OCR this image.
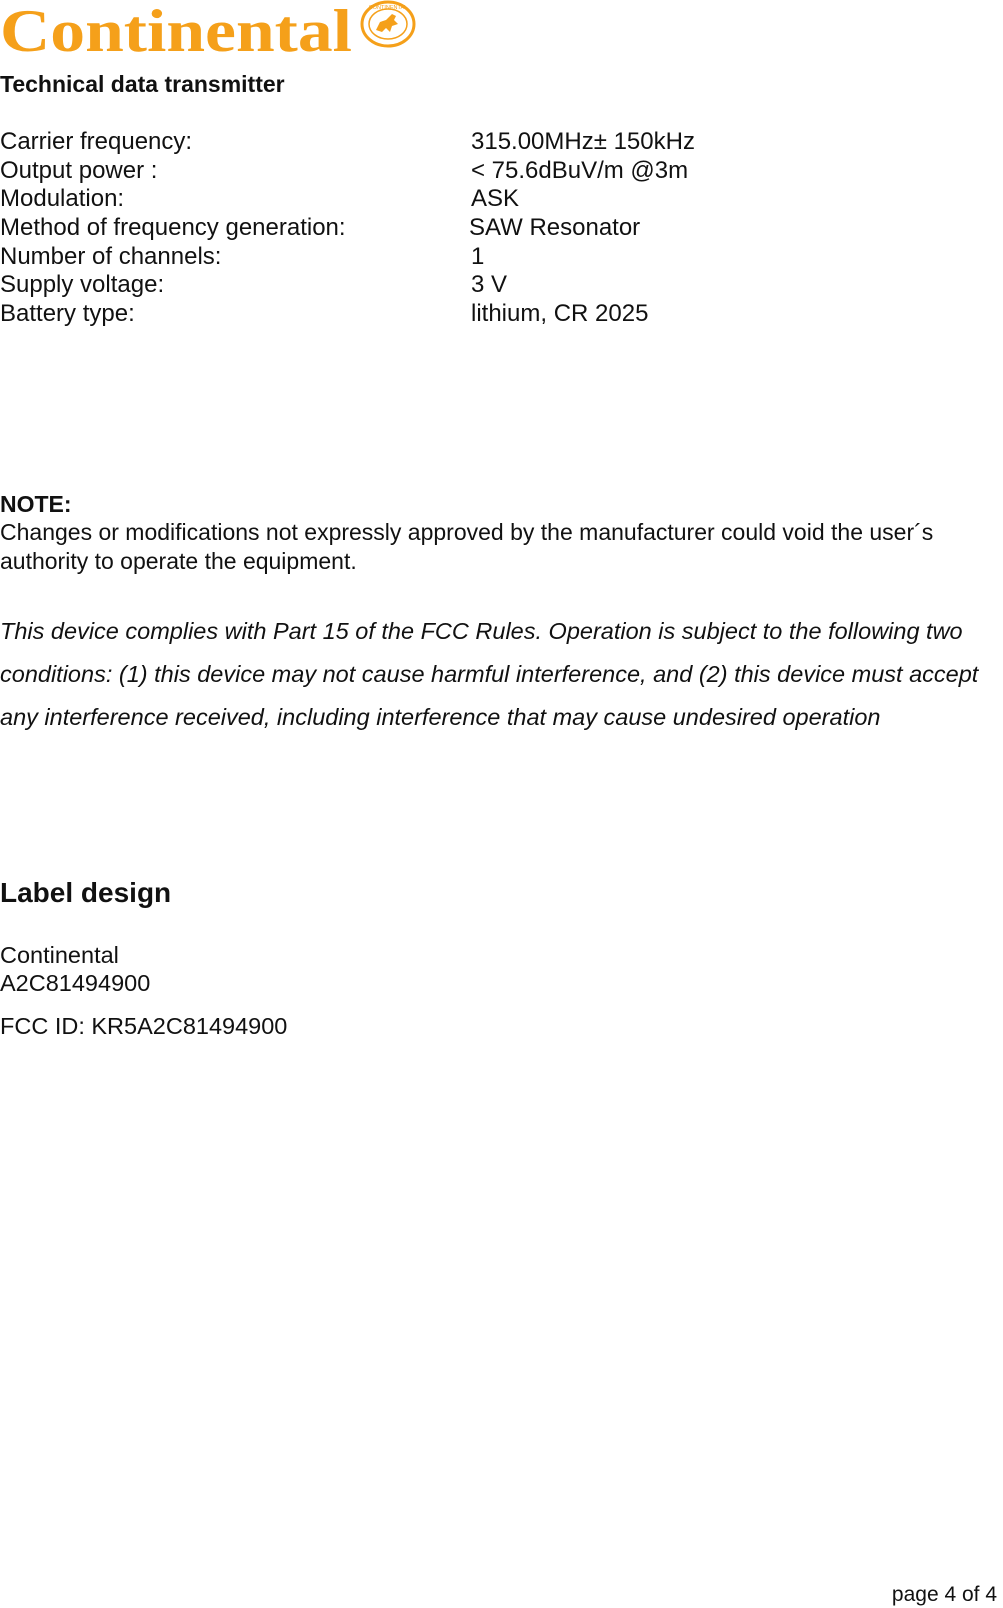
Continental	CONTINENTAL
Technical data transmitter
Carrier frequency:	315.00MHz± 150kHz
Output power :	< 75.6dBuV/m @3m
Modulation:	ASK
Method of frequency generation:	SAW Resonator
Number of channels:	1
Supply voltage:	3 V
Battery type:	lithium, CR 2025
NOTE:
Changes or modifications not expressly approved by the manufacturer could void the user´s authority to operate the equipment.
This device complies with Part 15 of the FCC Rules. Operation is subject to the following two conditions: (1) this device may not cause harmful interference, and (2) this device must accept any interference received, including interference that may cause undesired operation
Label design
Continental
A2C81494900
FCC ID: KR5A2C81494900
page 4 of 4
